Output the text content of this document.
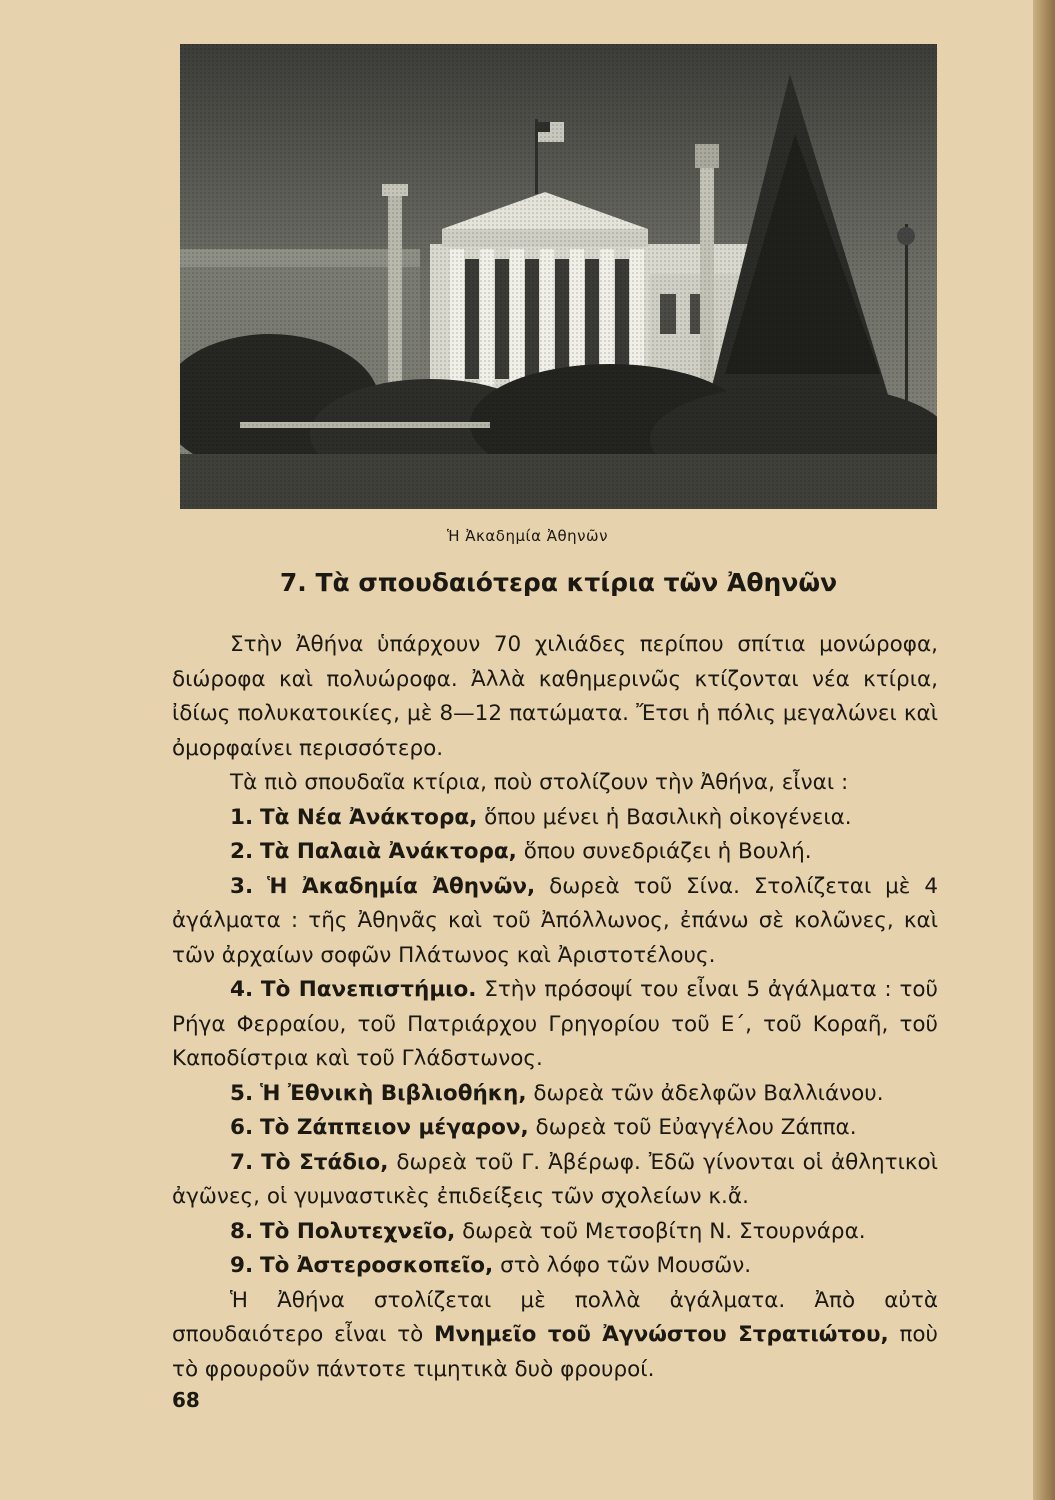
Ἡ Ἀκαδημία Ἀθηνῶν
7. Τὰ σπουδαιότερα κτίρια τῶν Ἀθηνῶν

Στὴν Ἀθήνα ὑπάρχουν 70 χιλιάδες περίπου σπίτια μονώροφα, διώροφα καὶ πολυώροφα. Ἀλλὰ καθημερινῶς κτίζονται νέα κτίρια, ἰδίως πολυκατοικίες, μὲ 8—12 πατώματα. Ἔτσι ἡ πόλις μεγαλώνει καὶ ὀμορφαίνει περισσότερο.

Τὰ πιὸ σπουδαῖα κτίρια, ποὺ στολίζουν τὴν Ἀθήνα, εἶναι :

1. Τὰ Νέα Ἀνάκτορα, ὅπου μένει ἡ Βασιλικὴ οἰκογένεια.

2. Τὰ Παλαιὰ Ἀνάκτορα, ὅπου συνεδριάζει ἡ Βουλή.

3. Ἡ Ἀκαδημία Ἀθηνῶν, δωρεὰ τοῦ Σίνα. Στολίζεται μὲ 4 ἀγάλματα : τῆς Ἀθηνᾶς καὶ τοῦ Ἀπόλλωνος, ἐπάνω σὲ κολῶνες, καὶ τῶν ἀρχαίων σοφῶν Πλάτωνος καὶ Ἀριστοτέλους.

4. Τὸ Πανεπιστήμιο. Στὴν πρόσοψί του εἶναι 5 ἀγάλματα : τοῦ Ρήγα Φερραίου, τοῦ Πατριάρχου Γρηγορίου τοῦ Ε΄, τοῦ Κοραῆ, τοῦ Καποδίστρια καὶ τοῦ Γλάδστωνος.

5. Ἡ Ἐθνικὴ Βιβλιοθήκη, δωρεὰ τῶν ἀδελφῶν Βαλλιάνου.

6. Τὸ Ζάππειον μέγαρον, δωρεὰ τοῦ Εὐαγγέλου Ζάππα.

7. Τὸ Στάδιο, δωρεὰ τοῦ Γ. Ἀβέρωφ. Ἐδῶ γίνονται οἱ ἀθλητικοὶ ἀγῶνες, οἱ γυμναστικὲς ἐπιδείξεις τῶν σχολείων κ.ἄ.

8. Τὸ Πολυτεχνεῖο, δωρεὰ τοῦ Μετσοβίτη Ν. Στουρνάρα.

9. Τὸ Ἀστεροσκοπεῖο, στὸ λόφο τῶν Μουσῶν.

Ἡ Ἀθήνα στολίζεται μὲ πολλὰ ἀγάλματα. Ἀπὸ αὐτὰ σπουδαιότερο εἶναι τὸ Μνημεῖο τοῦ Ἀγνώστου Στρατιώτου, ποὺ τὸ φρουροῦν πάντοτε τιμητικὰ δυὸ φρουροί.

68
